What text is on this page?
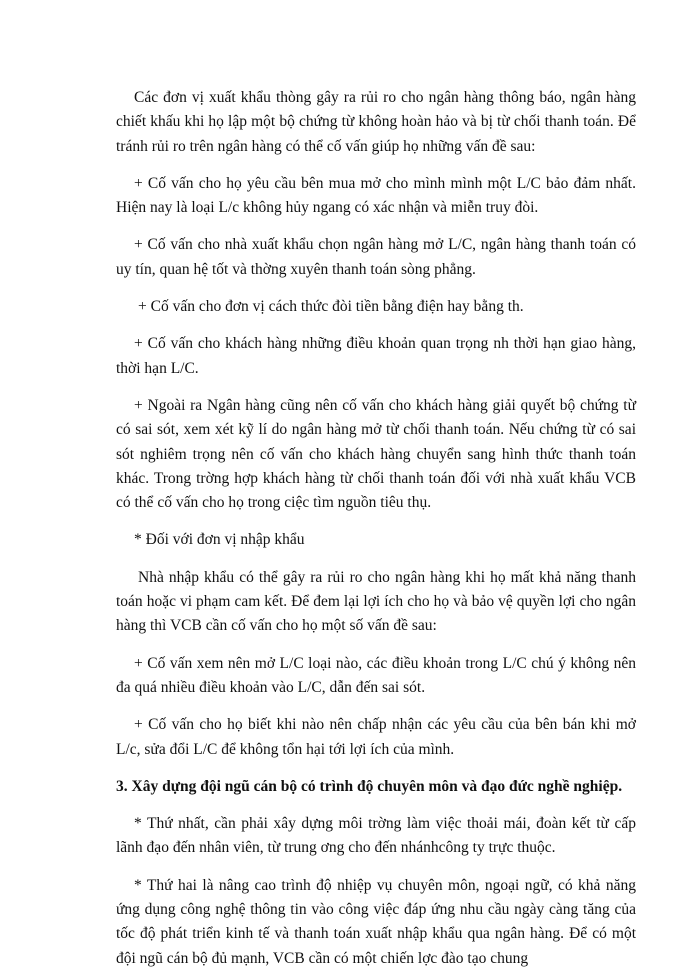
Các đơn vị xuất khẩu thòng gây ra rủi ro cho ngân hàng thông báo, ngân hàng chiết khấu khi họ lập một bộ chứng từ không hoàn hảo và bị từ chối thanh toán. Để tránh rủi ro trên ngân hàng có thể cố vấn giúp họ những vấn đề sau:

+ Cố vấn cho họ yêu cầu bên mua mở cho mình mình một L/C bảo đảm nhất. Hiện nay là loại L/c không hủy ngang có xác nhận và miễn truy đòi.

+ Cố vấn cho nhà xuất khẩu chọn ngân hàng mở L/C, ngân hàng thanh toán có uy tín, quan hệ tốt và thờng xuyên thanh toán sòng phẳng.

+ Cố vấn cho đơn vị cách thức đòi tiền bằng điện hay bằng th.

+ Cố vấn cho khách hàng những điều khoản quan trọng nh thời hạn giao hàng, thời hạn L/C.

+ Ngoài ra Ngân hàng cũng nên cố vấn cho khách hàng giải quyết bộ chứng từ có sai sót, xem xét kỹ lí do ngân hàng mở từ chối thanh toán. Nếu chứng từ có sai sót nghiêm trọng nên cố vấn cho khách hàng chuyển sang hình thức thanh toán khác. Trong trờng hợp khách hàng từ chối thanh toán đối với nhà xuất khẩu VCB có thể cố vấn cho họ trong ciệc tìm nguồn tiêu thụ.

* Đối với đơn vị nhập khẩu

Nhà nhập khẩu có thể gây ra rủi ro cho ngân hàng khi họ mất khả năng thanh toán hoặc vi phạm cam kết. Để đem lại lợi ích cho họ và bảo vệ quyền lợi cho ngân hàng thì VCB cần cố vấn cho họ một số vấn đề sau:

+ Cố vấn xem nên mở L/C loại nào, các điều khoản trong L/C chú ý không nên đa quá nhiều điều khoản vào L/C, dẫn đến sai sót.

+ Cố vấn cho họ biết khi nào nên chấp nhận các yêu cầu của bên bán khi mở L/c, sửa đổi L/C để không tổn hại tới lợi ích của mình.

3. Xây dựng đội ngũ cán bộ có trình độ chuyên môn và đạo đức nghề nghiệp.

* Thứ nhất, cần phải xây dựng môi trờng làm việc thoải mái, đoàn kết từ cấp lãnh đạo đến nhân viên, từ trung ơng cho đến nhánhcông ty trực thuộc.

* Thứ hai là nâng cao trình độ nhiệp vụ chuyên môn, ngoại ngữ, có khả năng ứng dụng công nghệ thông tin vào công việc đáp ứng nhu cầu ngày càng tăng của tốc độ phát triển kinh tế và thanh toán xuất nhập khẩu qua ngân hàng. Để có một đội ngũ cán bộ đủ mạnh, VCB cần có một chiến lợc đào tạo chung
